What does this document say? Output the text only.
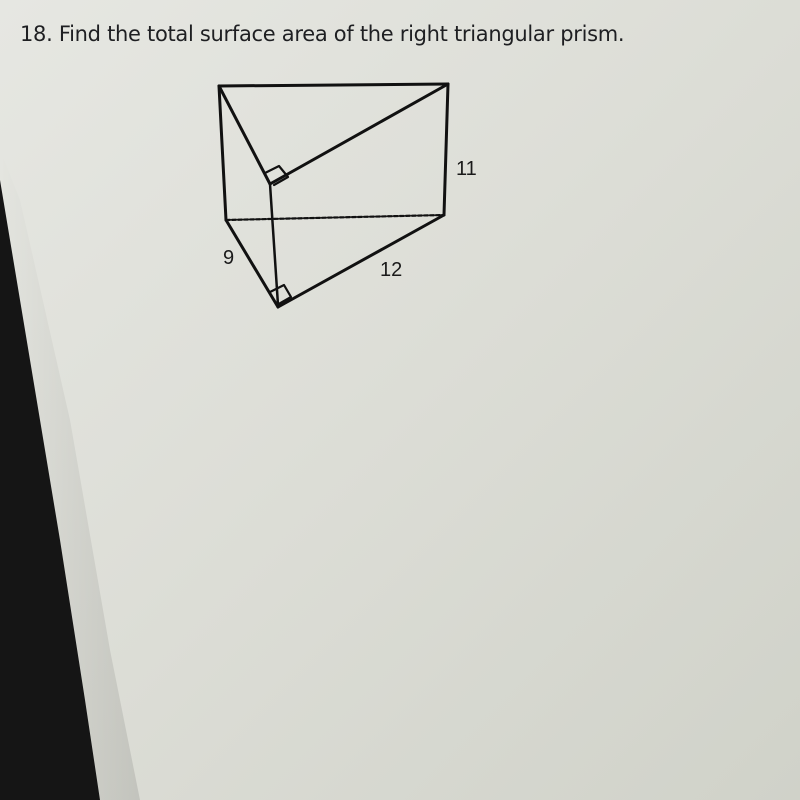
11
9
12
18. Find the total surface area of the right triangular prism.
